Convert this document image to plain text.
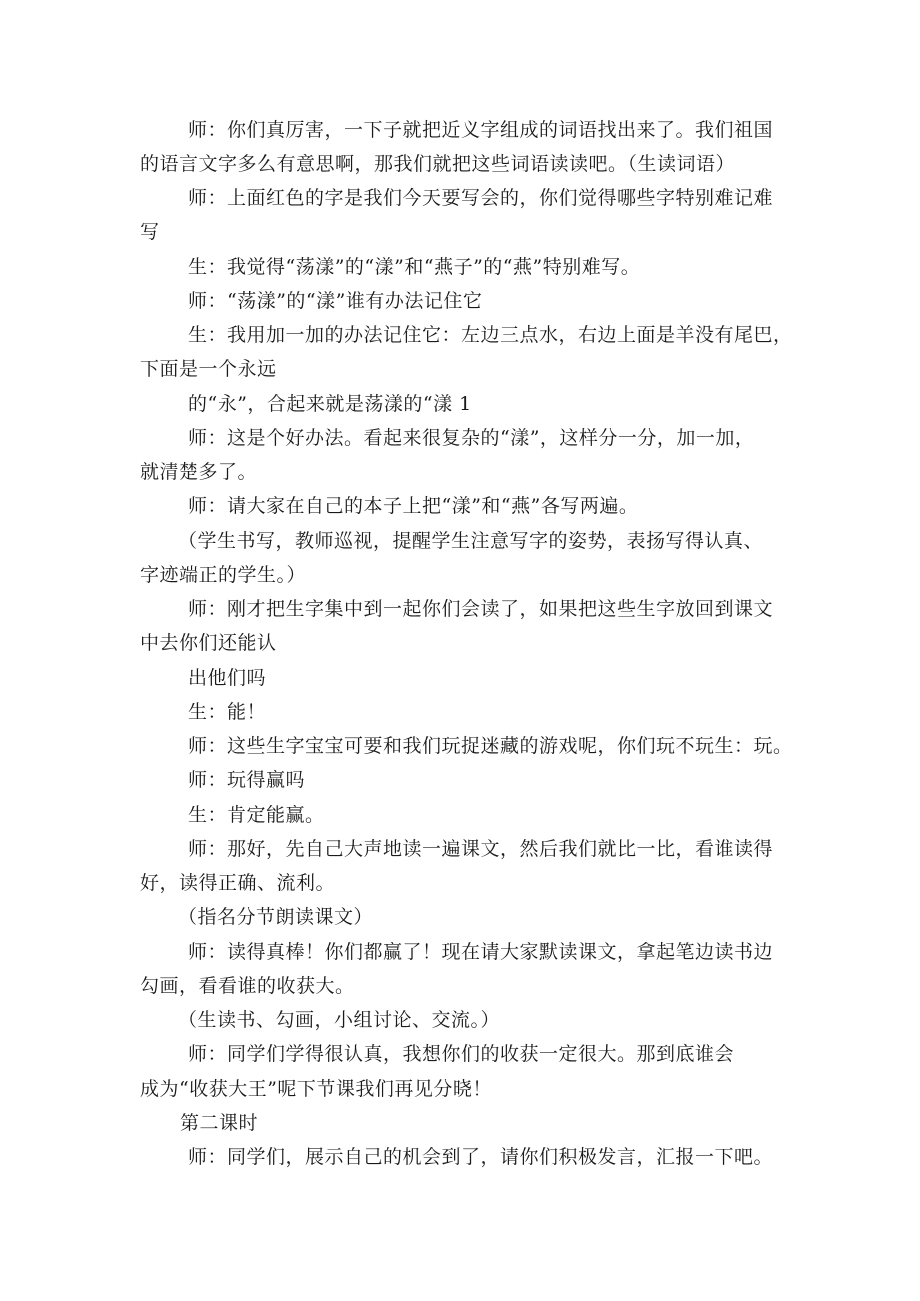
师：你们真厉害，一下子就把近义字组成的词语找出来了。我们祖国
的语言文字多么有意思啊，那我们就把这些词语读读吧。（生读词语）
师：上面红色的字是我们今天要写会的，你们觉得哪些字特别难记难
写
生：我觉得“荡漾”的“漾”和“燕子”的“燕”特别难写。
师：“荡漾”的“漾”谁有办法记住它
生：我用加一加的办法记住它：左边三点水，右边上面是羊没有尾巴，
下面是一个永远
的“永”，合起来就是荡漾的“漾 1
师：这是个好办法。看起来很复杂的“漾”，这样分一分，加一加，
就清楚多了。
师：请大家在自己的本子上把“漾”和“燕”各写两遍。
（学生书写，教师巡视，提醒学生注意写字的姿势，表扬写得认真、
字迹端正的学生。）
师：刚才把生字集中到一起你们会读了，如果把这些生字放回到课文
中去你们还能认
出他们吗
生：能！
师：这些生字宝宝可要和我们玩捉迷藏的游戏呢，你们玩不玩生：玩。
师：玩得赢吗
生：肯定能赢。
师：那好，先自己大声地读一遍课文，然后我们就比一比，看谁读得
好，读得正确、流利。
（指名分节朗读课文）
师：读得真棒！你们都赢了！现在请大家默读课文，拿起笔边读书边
勾画，看看谁的收获大。
（生读书、勾画，小组讨论、交流。）
师：同学们学得很认真，我想你们的收获一定很大。那到底谁会
成为“收获大王”呢下节课我们再见分晓！
第二课时
师：同学们，展示自己的机会到了，请你们积极发言，汇报一下吧。
